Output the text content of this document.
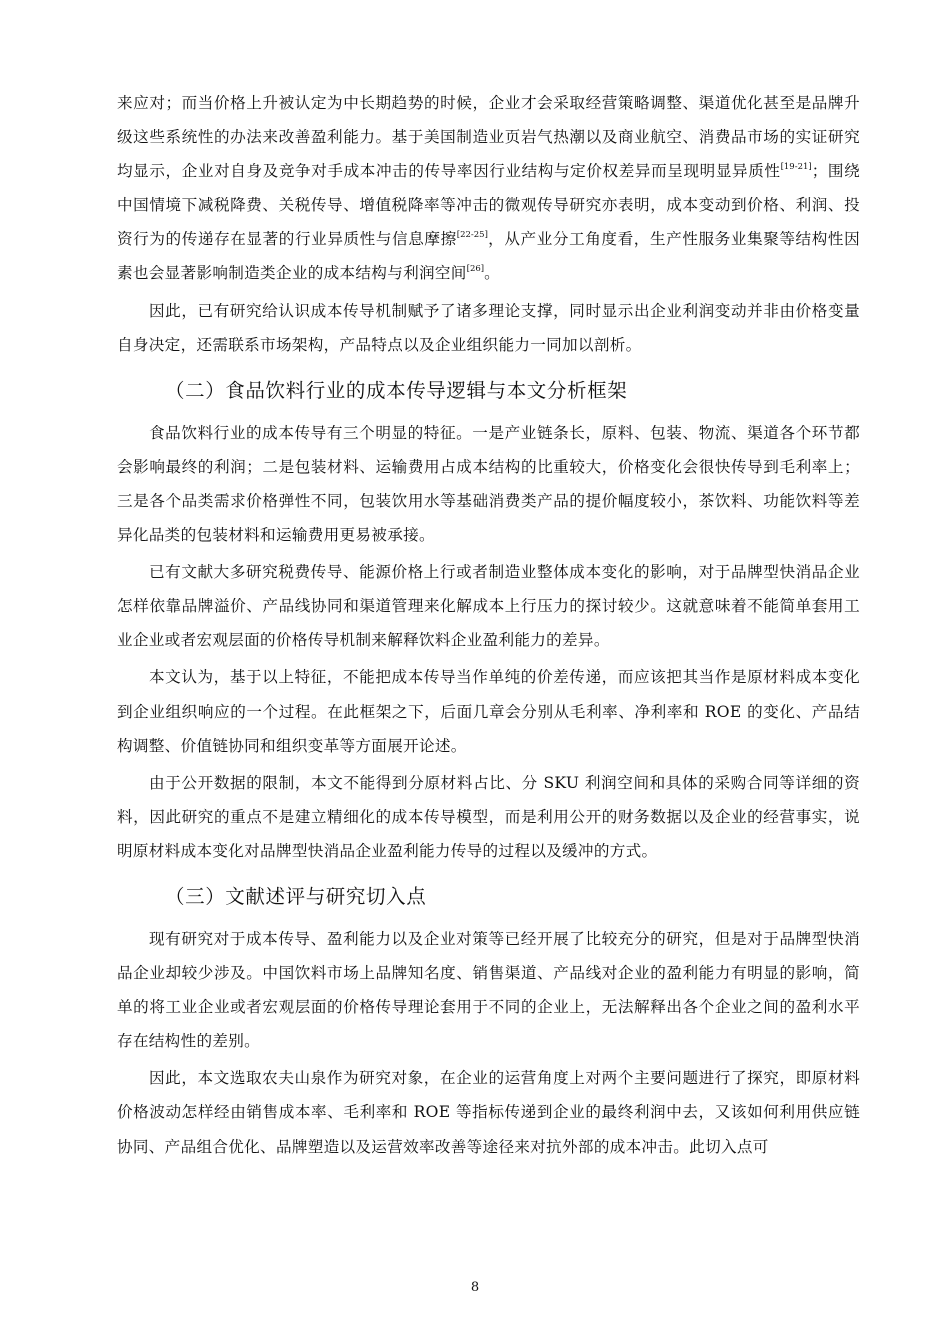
来应对；而当价格上升被认定为中长期趋势的时候，企业才会采取经营策略调整、渠道优化甚至是品牌升级这些系统性的办法来改善盈利能力。基于美国制造业页岩气热潮以及商业航空、消费品市场的实证研究均显示，企业对自身及竞争对手成本冲击的传导率因行业结构与定价权差异而呈现明显异质性[19-21]；围绕中国情境下减税降费、关税传导、增值税降率等冲击的微观传导研究亦表明，成本变动到价格、利润、投资行为的传递存在显著的行业异质性与信息摩擦[22-25]，从产业分工角度看，生产性服务业集聚等结构性因素也会显著影响制造类企业的成本结构与利润空间[26]。

因此，已有研究给认识成本传导机制赋予了诸多理论支撑，同时显示出企业利润变动并非由价格变量自身决定，还需联系市场架构，产品特点以及企业组织能力一同加以剖析。

（二）食品饮料行业的成本传导逻辑与本文分析框架

食品饮料行业的成本传导有三个明显的特征。一是产业链条长，原料、包装、物流、渠道各个环节都会影响最终的利润；二是包装材料、运输费用占成本结构的比重较大，价格变化会很快传导到毛利率上；三是各个品类需求价格弹性不同，包装饮用水等基础消费类产品的提价幅度较小，茶饮料、功能饮料等差异化品类的包装材料和运输费用更易被承接。

已有文献大多研究税费传导、能源价格上行或者制造业整体成本变化的影响，对于品牌型快消品企业怎样依靠品牌溢价、产品线协同和渠道管理来化解成本上行压力的探讨较少。这就意味着不能简单套用工业企业或者宏观层面的价格传导机制来解释饮料企业盈利能力的差异。

本文认为，基于以上特征，不能把成本传导当作单纯的价差传递，而应该把其当作是原材料成本变化到企业组织响应的一个过程。在此框架之下，后面几章会分别从毛利率、净利率和 ROE 的变化、产品结构调整、价值链协同和组织变革等方面展开论述。

由于公开数据的限制，本文不能得到分原材料占比、分 SKU 利润空间和具体的采购合同等详细的资料，因此研究的重点不是建立精细化的成本传导模型，而是利用公开的财务数据以及企业的经营事实，说明原材料成本变化对品牌型快消品企业盈利能力传导的过程以及缓冲的方式。

（三）文献述评与研究切入点

现有研究对于成本传导、盈利能力以及企业对策等已经开展了比较充分的研究，但是对于品牌型快消品企业却较少涉及。中国饮料市场上品牌知名度、销售渠道、产品线对企业的盈利能力有明显的影响，简单的将工业企业或者宏观层面的价格传导理论套用于不同的企业上，无法解释出各个企业之间的盈利水平存在结构性的差别。

因此，本文选取农夫山泉作为研究对象，在企业的运营角度上对两个主要问题进行了探究，即原材料价格波动怎样经由销售成本率、毛利率和 ROE 等指标传递到企业的最终利润中去，又该如何利用供应链协同、产品组合优化、品牌塑造以及运营效率改善等途径来对抗外部的成本冲击。此切入点可

8
